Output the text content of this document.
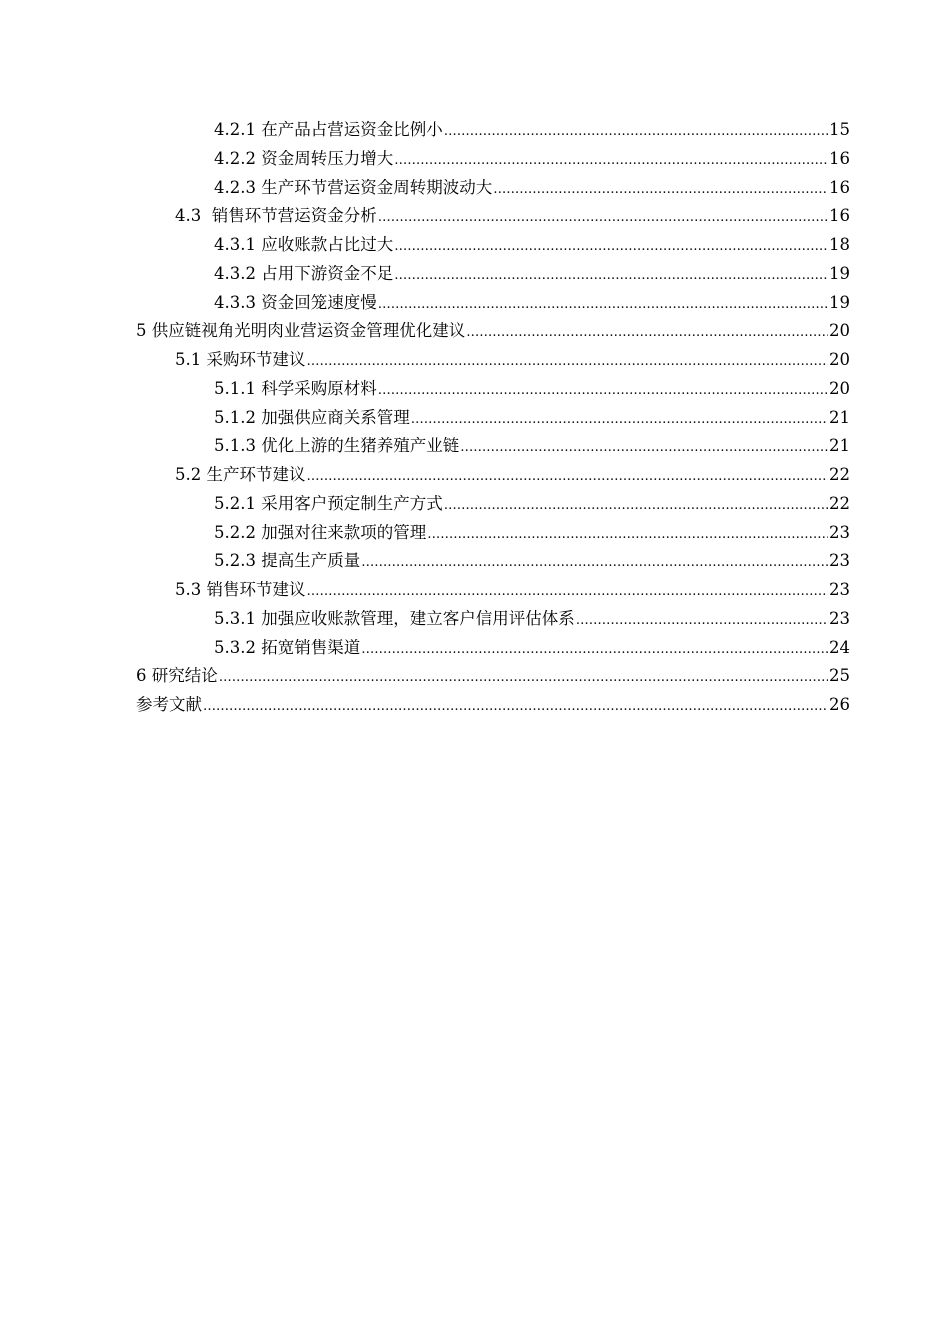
4.2.1 在产品占营运资金比例小 ……………………………………………………………………………………………………………………………………………………………………………………………………………………………………………	15
4.2.2 资金周转压力增大 ……………………………………………………………………………………………………………………………………………………………………………………………………………………………………………	16
4.2.3 生产环节营运资金周转期波动大 ……………………………………………………………………………………………………………………………………………………………………………………………………………………………………………	16
4.3  销售环节营运资金分析 ……………………………………………………………………………………………………………………………………………………………………………………………………………………………………………	16
4.3.1 应收账款占比过大 ……………………………………………………………………………………………………………………………………………………………………………………………………………………………………………	18
4.3.2 占用下游资金不足 ……………………………………………………………………………………………………………………………………………………………………………………………………………………………………………	19
4.3.3 资金回笼速度慢 ……………………………………………………………………………………………………………………………………………………………………………………………………………………………………………	19
5 供应链视角光明肉业营运资金管理优化建议 ……………………………………………………………………………………………………………………………………………………………………………………………………………………………………………	20
5.1 采购环节建议 ……………………………………………………………………………………………………………………………………………………………………………………………………………………………………………	20
5.1.1 科学采购原材料 ……………………………………………………………………………………………………………………………………………………………………………………………………………………………………………	20
5.1.2 加强供应商关系管理 ……………………………………………………………………………………………………………………………………………………………………………………………………………………………………………	21
5.1.3 优化上游的生猪养殖产业链 ……………………………………………………………………………………………………………………………………………………………………………………………………………………………………………	21
5.2 生产环节建议 ……………………………………………………………………………………………………………………………………………………………………………………………………………………………………………	22
5.2.1 采用客户预定制生产方式 ……………………………………………………………………………………………………………………………………………………………………………………………………………………………………………	22
5.2.2 加强对往来款项的管理 ……………………………………………………………………………………………………………………………………………………………………………………………………………………………………………	23
5.2.3 提高生产质量 ……………………………………………………………………………………………………………………………………………………………………………………………………………………………………………	23
5.3 销售环节建议 ……………………………………………………………………………………………………………………………………………………………………………………………………………………………………………	23
5.3.1 加强应收账款管理，建立客户信用评估体系 ……………………………………………………………………………………………………………………………………………………………………………………………………………………………………………	23
5.3.2 拓宽销售渠道 ……………………………………………………………………………………………………………………………………………………………………………………………………………………………………………	24
6 研究结论 ……………………………………………………………………………………………………………………………………………………………………………………………………………………………………………	25
参考文献 ……………………………………………………………………………………………………………………………………………………………………………………………………………………………………………	26
